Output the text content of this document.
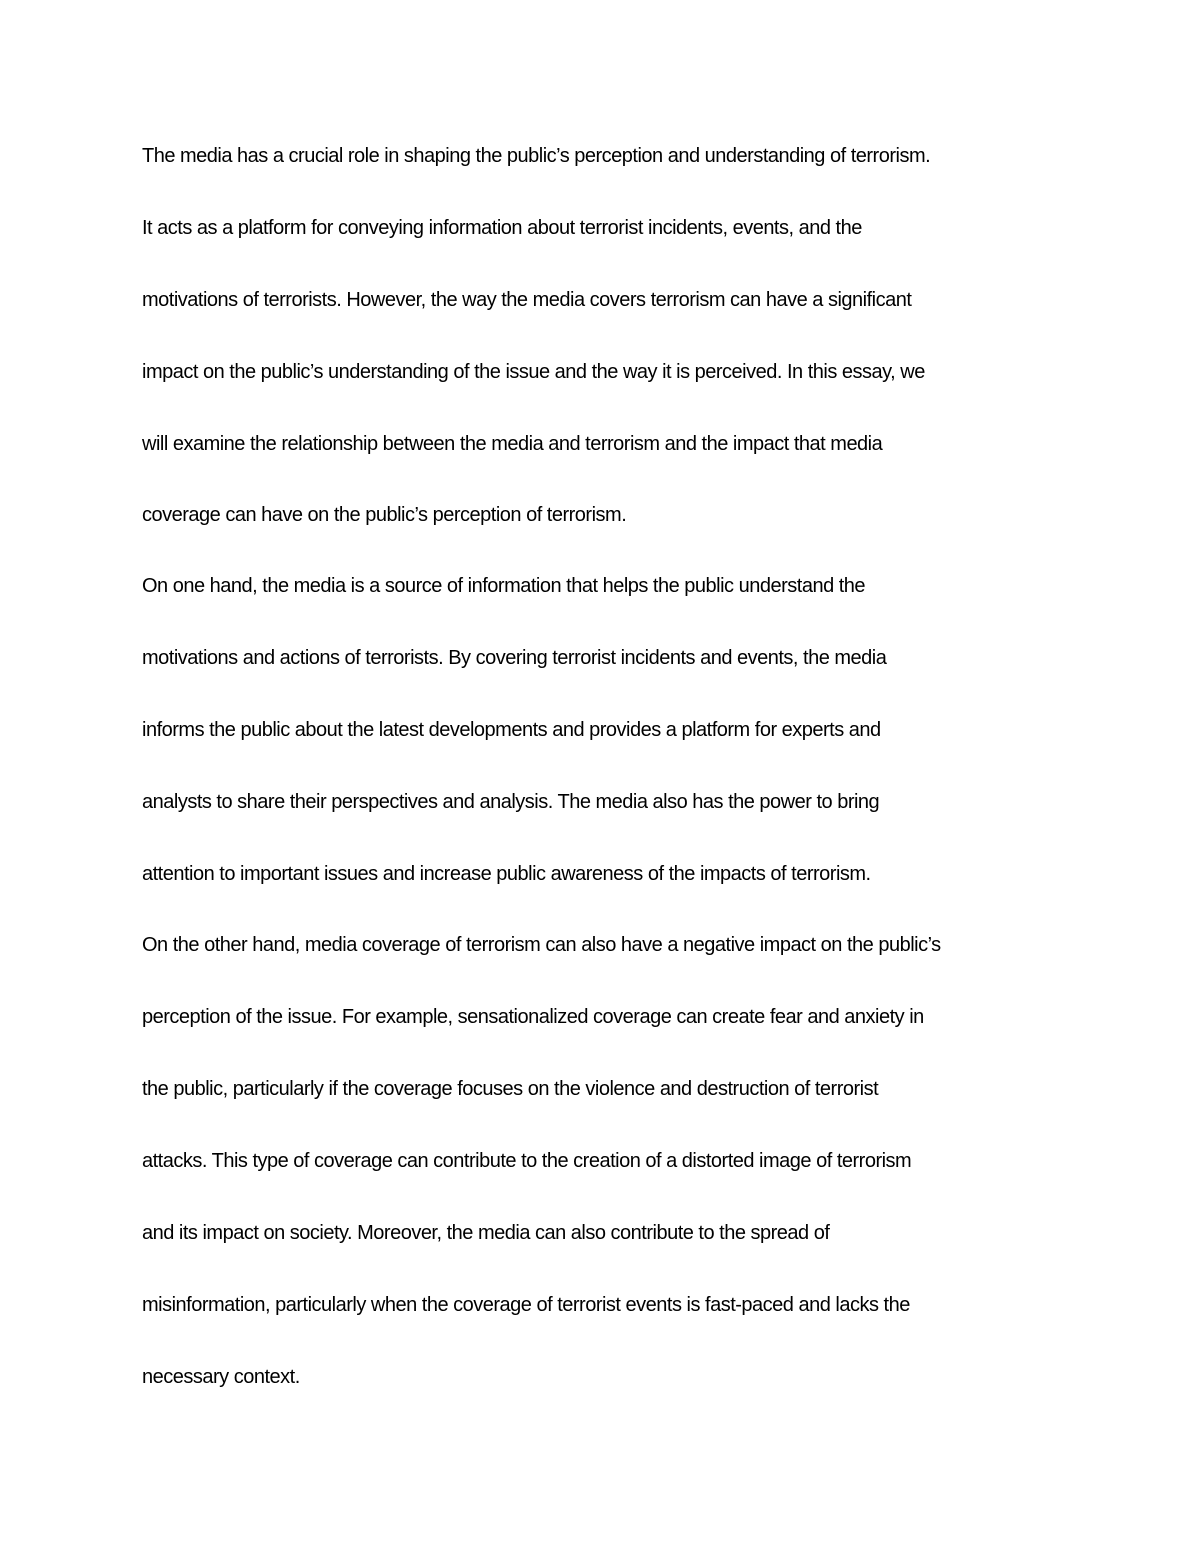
The media has a crucial role in shaping the public’s perception and understanding of terrorism.
It acts as a platform for conveying information about terrorist incidents, events, and the
motivations of terrorists. However, the way the media covers terrorism can have a significant
impact on the public’s understanding of the issue and the way it is perceived. In this essay, we
will examine the relationship between the media and terrorism and the impact that media
coverage can have on the public’s perception of terrorism.
On one hand, the media is a source of information that helps the public understand the
motivations and actions of terrorists. By covering terrorist incidents and events, the media
informs the public about the latest developments and provides a platform for experts and
analysts to share their perspectives and analysis. The media also has the power to bring
attention to important issues and increase public awareness of the impacts of terrorism.
On the other hand, media coverage of terrorism can also have a negative impact on the public’s
perception of the issue. For example, sensationalized coverage can create fear and anxiety in
the public, particularly if the coverage focuses on the violence and destruction of terrorist
attacks. This type of coverage can contribute to the creation of a distorted image of terrorism
and its impact on society. Moreover, the media can also contribute to the spread of
misinformation, particularly when the coverage of terrorist events is fast-paced and lacks the
necessary context.
